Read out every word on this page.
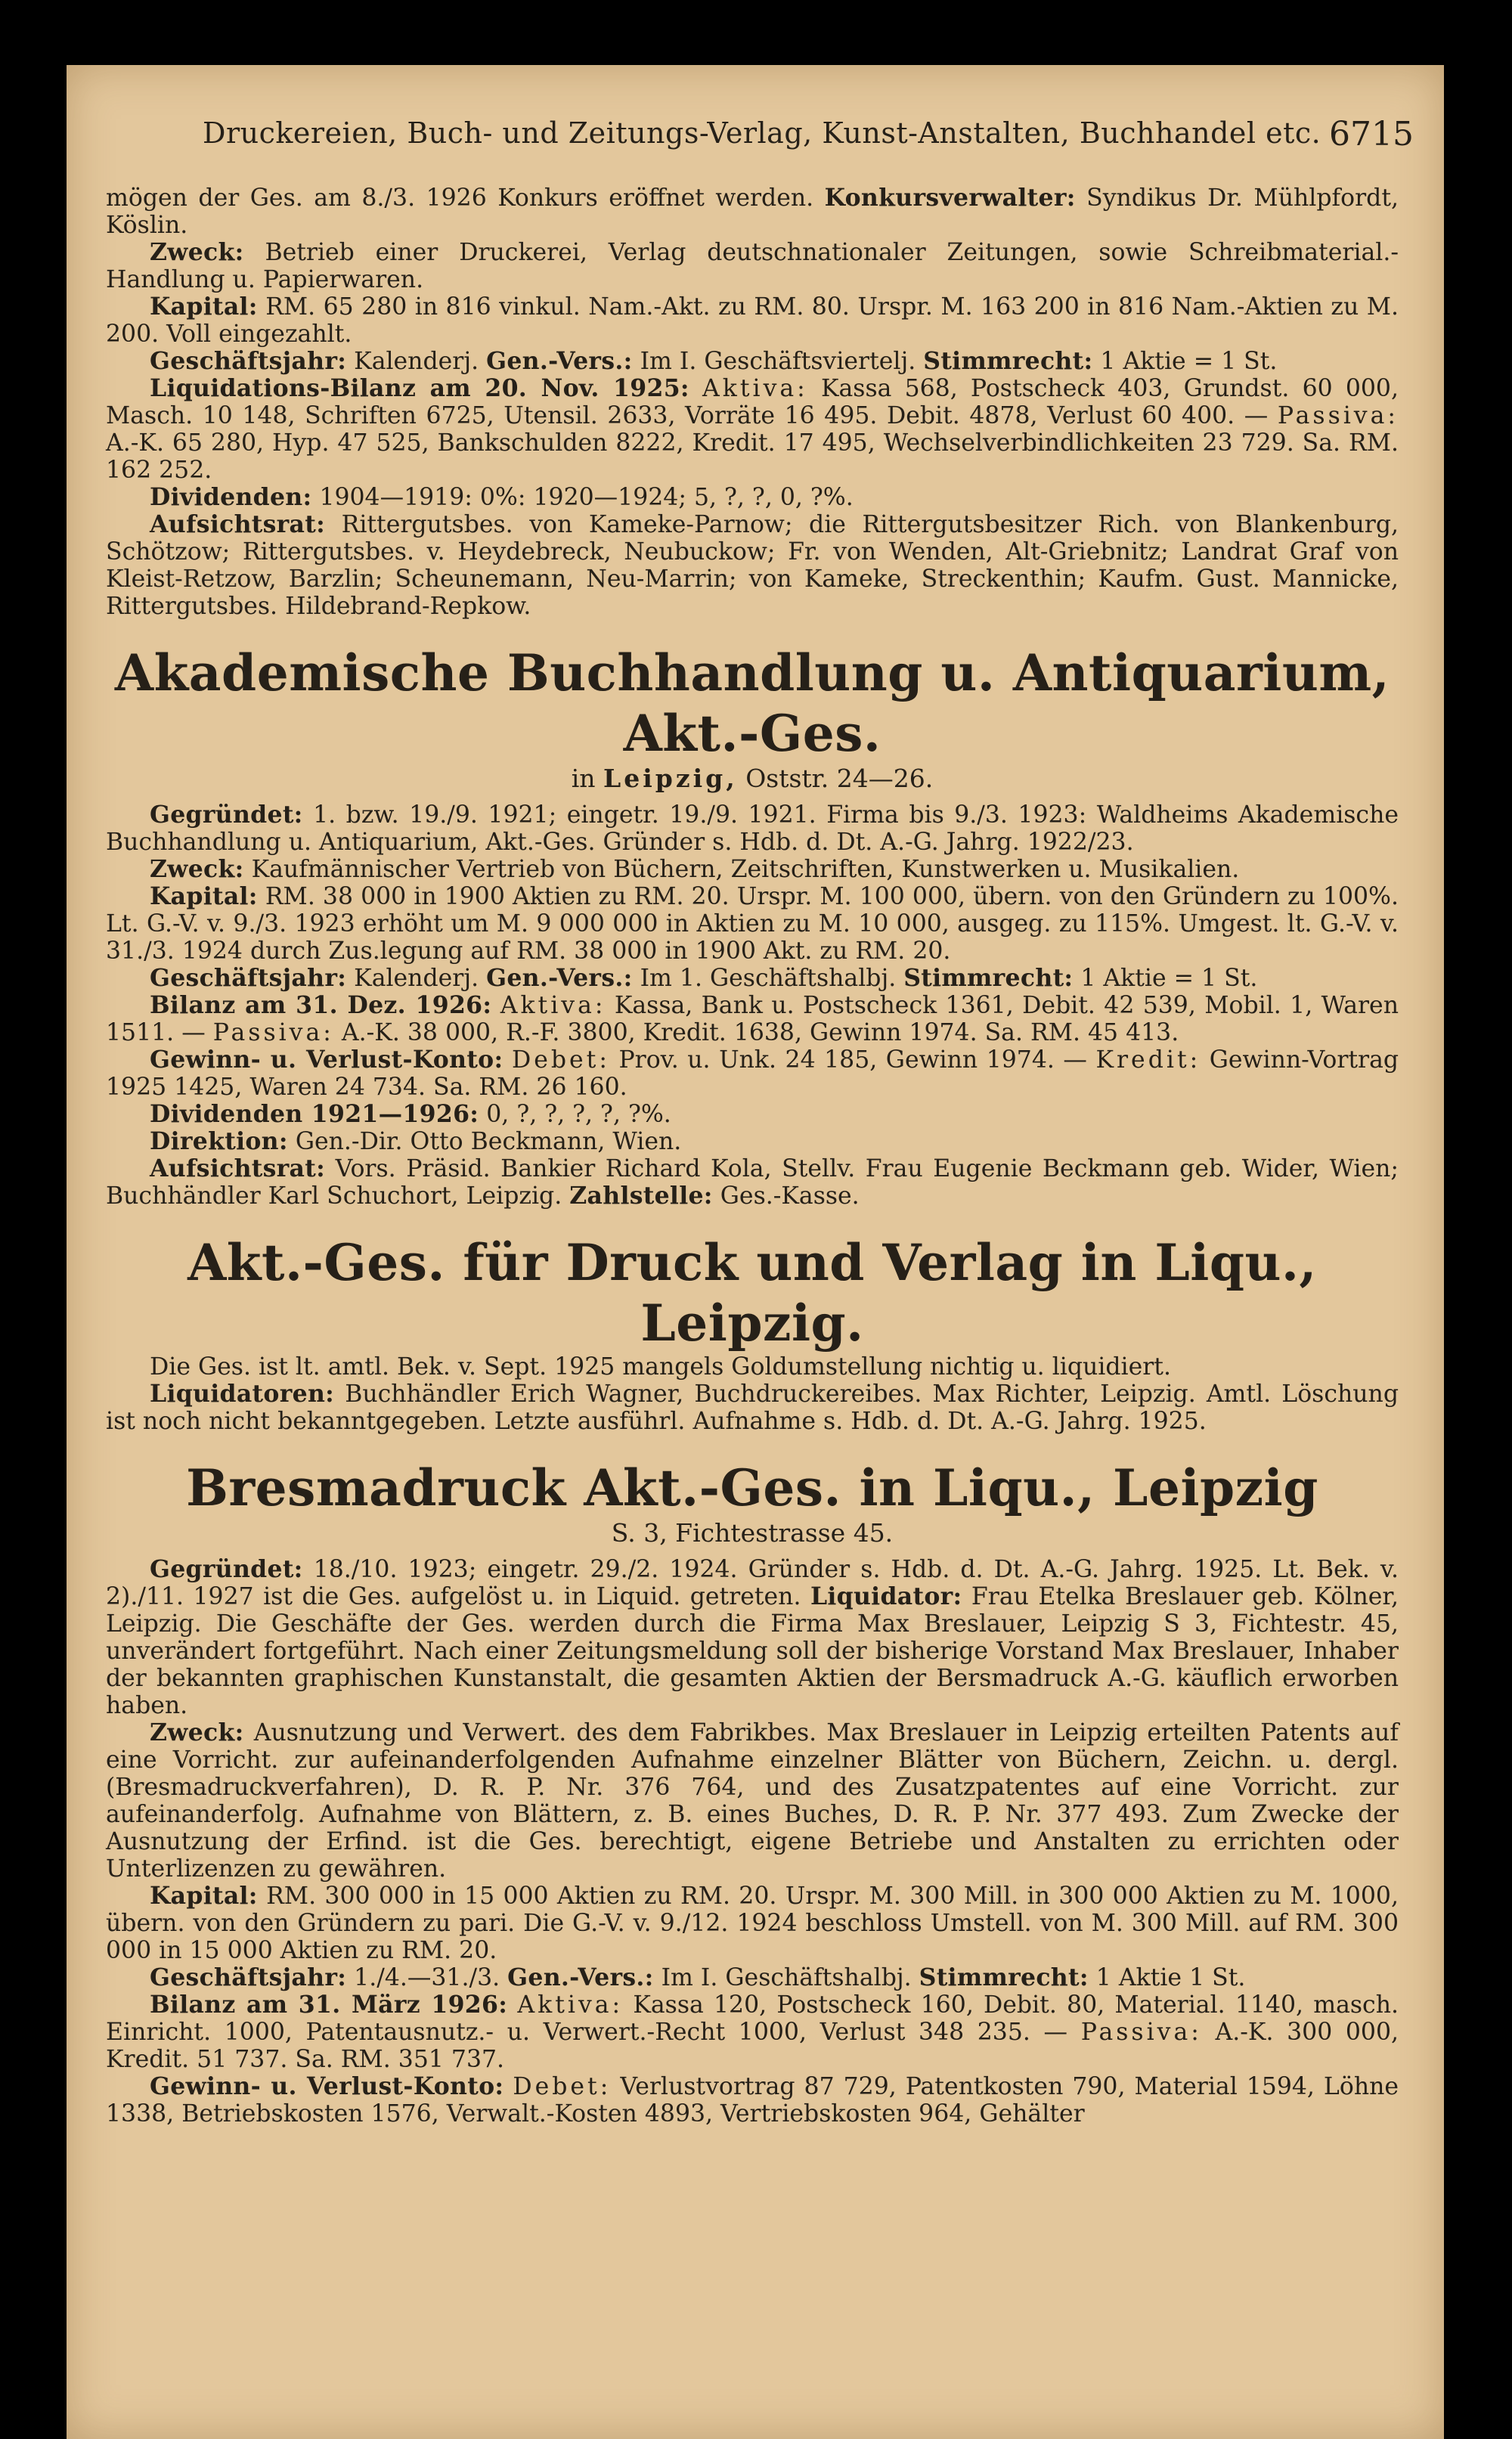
Druckereien, Buch- und Zeitungs-Verlag, Kunst-Anstalten, Buchhandel etc. 6715

mögen der Ges. am 8./3. 1926 Konkurs eröffnet werden. Konkursverwalter: Syndikus Dr. Mühlpfordt, Köslin.

Zweck: Betrieb einer Druckerei, Verlag deutschnationaler Zeitungen, sowie Schreibmaterial.-Handlung u. Papierwaren.

Kapital: RM. 65 280 in 816 vinkul. Nam.-Akt. zu RM. 80. Urspr. M. 163 200 in 816 Nam.-Aktien zu M. 200. Voll eingezahlt.

Geschäftsjahr: Kalenderj. Gen.-Vers.: Im I. Geschäftsviertelj. Stimmrecht: 1 Aktie = 1 St.

Liquidations-Bilanz am 20. Nov. 1925: Aktiva: Kassa 568, Postscheck 403, Grundst. 60 000, Masch. 10 148, Schriften 6725, Utensil. 2633, Vorräte 16 495. Debit. 4878, Verlust 60 400. — Passiva: A.-K. 65 280, Hyp. 47 525, Bankschulden 8222, Kredit. 17 495, Wechselverbindlichkeiten 23 729. Sa. RM. 162 252.

Dividenden: 1904—1919: 0%: 1920—1924; 5, ?, ?, 0, ?%.

Aufsichtsrat: Rittergutsbes. von Kameke-Parnow; die Rittergutsbesitzer Rich. von Blankenburg, Schötzow; Rittergutsbes. v. Heydebreck, Neubuckow; Fr. von Wenden, Alt-Griebnitz; Landrat Graf von Kleist-Retzow, Barzlin; Scheunemann, Neu-Marrin; von Kameke, Streckenthin; Kaufm. Gust. Mannicke, Rittergutsbes. Hildebrand-Repkow.

Akademische Buchhandlung u. Antiquarium, Akt.-Ges.
in Leipzig, Oststr. 24—26.

Gegründet: 1. bzw. 19./9. 1921; eingetr. 19./9. 1921. Firma bis 9./3. 1923: Waldheims Akademische Buchhandlung u. Antiquarium, Akt.-Ges. Gründer s. Hdb. d. Dt. A.-G. Jahrg. 1922/23.

Zweck: Kaufmännischer Vertrieb von Büchern, Zeitschriften, Kunstwerken u. Musikalien.

Kapital: RM. 38 000 in 1900 Aktien zu RM. 20. Urspr. M. 100 000, übern. von den Gründern zu 100%. Lt. G.-V. v. 9./3. 1923 erhöht um M. 9 000 000 in Aktien zu M. 10 000, ausgeg. zu 115%. Umgest. lt. G.-V. v. 31./3. 1924 durch Zus.legung auf RM. 38 000 in 1900 Akt. zu RM. 20.

Geschäftsjahr: Kalenderj. Gen.-Vers.: Im 1. Geschäftshalbj. Stimmrecht: 1 Aktie = 1 St.

Bilanz am 31. Dez. 1926: Aktiva: Kassa, Bank u. Postscheck 1361, Debit. 42 539, Mobil. 1, Waren 1511. — Passiva: A.-K. 38 000, R.-F. 3800, Kredit. 1638, Gewinn 1974. Sa. RM. 45 413.

Gewinn- u. Verlust-Konto: Debet: Prov. u. Unk. 24 185, Gewinn 1974. — Kredit: Gewinn-Vortrag 1925 1425, Waren 24 734. Sa. RM. 26 160.

Dividenden 1921—1926: 0, ?, ?, ?, ?, ?%.

Direktion: Gen.-Dir. Otto Beckmann, Wien.

Aufsichtsrat: Vors. Präsid. Bankier Richard Kola, Stellv. Frau Eugenie Beckmann geb. Wider, Wien; Buchhändler Karl Schuchort, Leipzig. Zahlstelle: Ges.-Kasse.

Akt.-Ges. für Druck und Verlag in Liqu., Leipzig.

Die Ges. ist lt. amtl. Bek. v. Sept. 1925 mangels Goldumstellung nichtig u. liquidiert.

Liquidatoren: Buchhändler Erich Wagner, Buchdruckereibes. Max Richter, Leipzig. Amtl. Löschung ist noch nicht bekanntgegeben. Letzte ausführl. Aufnahme s. Hdb. d. Dt. A.-G. Jahrg. 1925.

Bresmadruck Akt.-Ges. in Liqu., Leipzig
S. 3, Fichtestrasse 45.

Gegründet: 18./10. 1923; eingetr. 29./2. 1924. Gründer s. Hdb. d. Dt. A.-G. Jahrg. 1925. Lt. Bek. v. 2)./11. 1927 ist die Ges. aufgelöst u. in Liquid. getreten. Liquidator: Frau Etelka Breslauer geb. Kölner, Leipzig. Die Geschäfte der Ges. werden durch die Firma Max Breslauer, Leipzig S 3, Fichtestr. 45, unverändert fortgeführt. Nach einer Zeitungsmeldung soll der bisherige Vorstand Max Breslauer, Inhaber der bekannten graphischen Kunstanstalt, die gesamten Aktien der Bersmadruck A.-G. käuflich erworben haben.

Zweck: Ausnutzung und Verwert. des dem Fabrikbes. Max Breslauer in Leipzig erteilten Patents auf eine Vorricht. zur aufeinanderfolgenden Aufnahme einzelner Blätter von Büchern, Zeichn. u. dergl. (Bresmadruckverfahren), D. R. P. Nr. 376 764, und des Zusatzpatentes auf eine Vorricht. zur aufeinanderfolg. Aufnahme von Blättern, z. B. eines Buches, D. R. P. Nr. 377 493. Zum Zwecke der Ausnutzung der Erfind. ist die Ges. berechtigt, eigene Betriebe und Anstalten zu errichten oder Unterlizenzen zu gewähren.

Kapital: RM. 300 000 in 15 000 Aktien zu RM. 20. Urspr. M. 300 Mill. in 300 000 Aktien zu M. 1000, übern. von den Gründern zu pari. Die G.-V. v. 9./12. 1924 beschloss Umstell. von M. 300 Mill. auf RM. 300 000 in 15 000 Aktien zu RM. 20.

Geschäftsjahr: 1./4.—31./3. Gen.-Vers.: Im I. Geschäftshalbj. Stimmrecht: 1 Aktie 1 St.

Bilanz am 31. März 1926: Aktiva: Kassa 120, Postscheck 160, Debit. 80, Material. 1140, masch. Einricht. 1000, Patentausnutz.- u. Verwert.-Recht 1000, Verlust 348 235. — Passiva: A.-K. 300 000, Kredit. 51 737. Sa. RM. 351 737.

Gewinn- u. Verlust-Konto: Debet: Verlustvortrag 87 729, Patentkosten 790, Material 1594, Löhne 1338, Betriebskosten 1576, Verwalt.-Kosten 4893, Vertriebskosten 964, Gehälter
